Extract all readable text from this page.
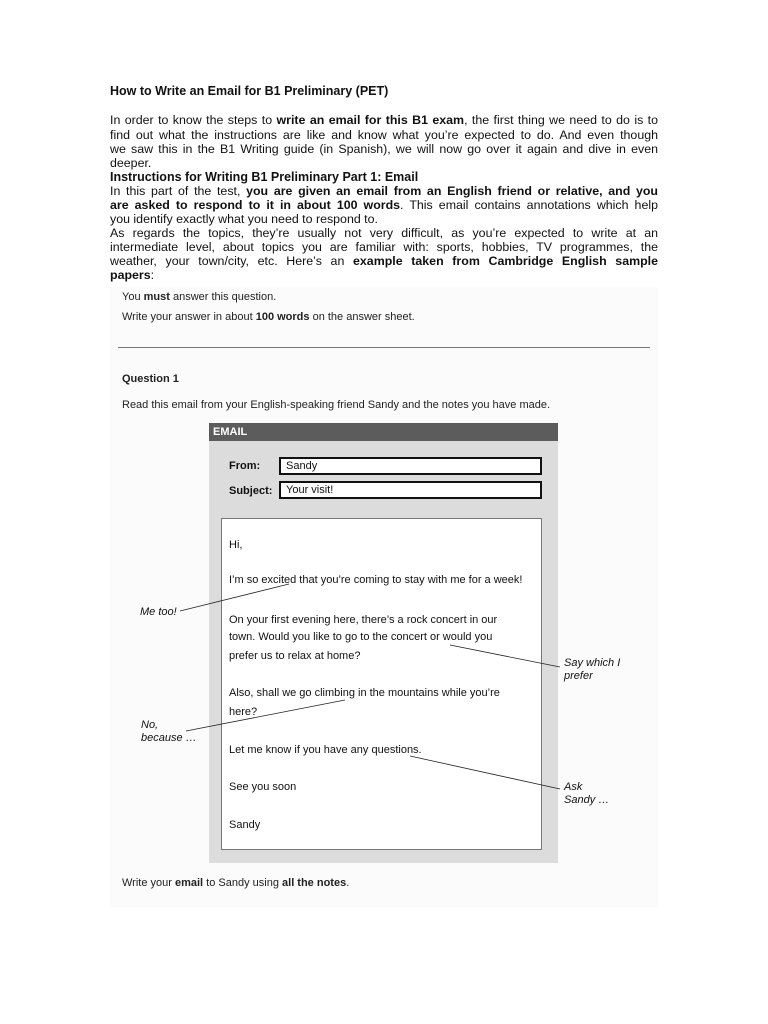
How to Write an Email for B1 Preliminary (PET)
In order to know the steps to write an email for this B1 exam, the first thing we need to do is to
find out what the instructions are like and know what you’re expected to do. And even though
we saw this in the B1 Writing guide (in Spanish), we will now go over it again and dive in even
deeper.
Instructions for Writing B1 Preliminary Part 1: Email
In this part of the test, you are given an email from an English friend or relative, and you
are asked to respond to it in about 100 words. This email contains annotations which help
you identify exactly what you need to respond to.
As regards the topics, they’re usually not very difficult, as you’re expected to write at an
intermediate level, about topics you are familiar with: sports, hobbies, TV programmes, the
weather, your town/city, etc. Here’s an example taken from Cambridge English sample
papers:
You must answer this question.
Write your answer in about 100 words on the answer sheet.
Question 1
Read this email from your English-speaking friend Sandy and the notes you have made.
EMAIL
From:	Sandy
Subject:	Your visit!
Hi,
I’m so excited that you’re coming to stay with me for a week!
On your first evening here, there’s a rock concert in our
town. Would you like to go to the concert or would you
prefer us to relax at home?
Also, shall we go climbing in the mountains while you’re
here?
Let me know if you have any questions.
See you soon
Sandy
Me too!
Say which I
prefer
No,
because …
Ask
Sandy …
Write your email to Sandy using all the notes.
